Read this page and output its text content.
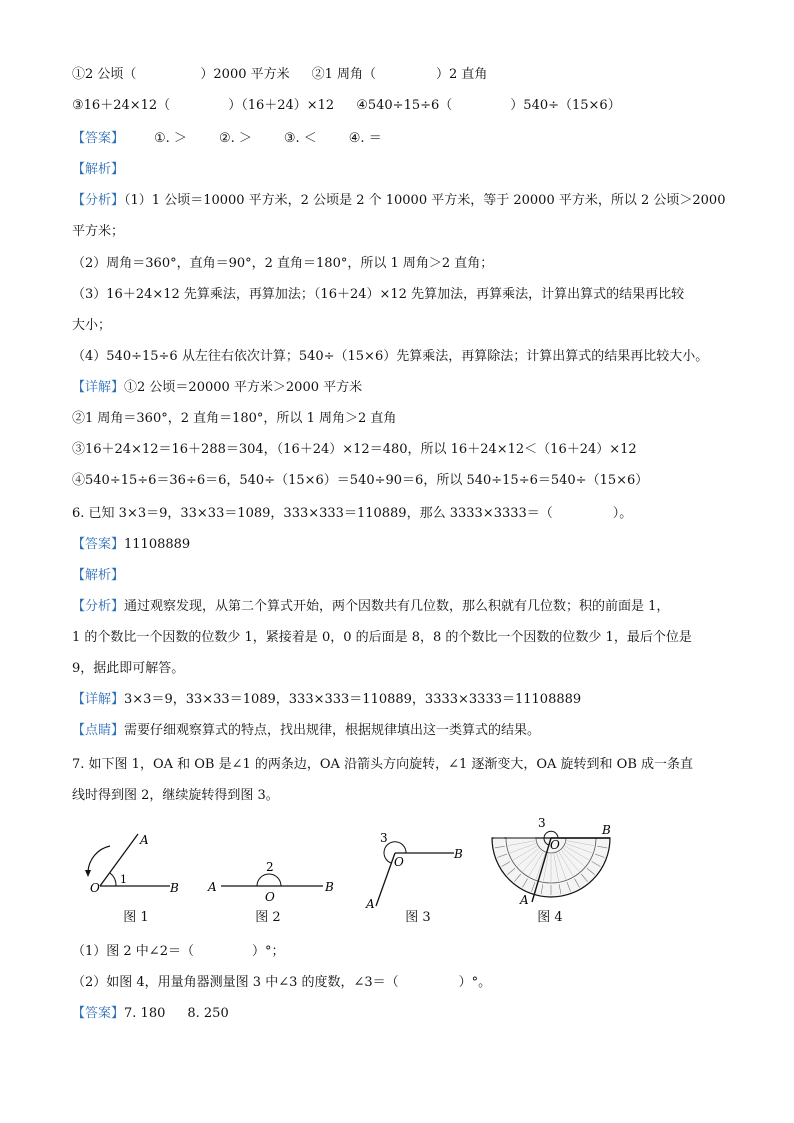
①2 公顷（	）2000 平方米 ②1 周角（	）2 直角
③16＋24×12（	）（16＋24）×12 ④540÷15÷6（	）540÷（15×6）
【答案】 ①. ＞ ②. ＞ ③. ＜ ④. ＝
【解析】
【分析】（1）1 公顷＝10000 平方米，2 公顷是 2 个 10000 平方米，等于 20000 平方米，所以 2 公顷＞2000
平方米；
（2）周角＝360°，直角＝90°，2 直角＝180°，所以 1 周角＞2 直角；
（3）16＋24×12 先算乘法，再算加法；（16＋24）×12 先算加法，再算乘法，计算出算式的结果再比较
大小；
（4）540÷15÷6 从左往右依次计算；540÷（15×6）先算乘法，再算除法；计算出算式的结果再比较大小。
【详解】①2 公顷＝20000 平方米＞2000 平方米
②1 周角＝360°，2 直角＝180°，所以 1 周角＞2 直角
③16＋24×12＝16＋288＝304，（16＋24）×12＝480，所以 16＋24×12＜（16＋24）×12
④540÷15÷6＝36÷6＝6，540÷（15×6）＝540÷90＝6，所以 540÷15÷6＝540÷（15×6）
6. 已知 3×3＝9，33×33＝1089，333×333＝110889，那么 3333×3333＝（	）。
【答案】11108889
【解析】
【分析】通过观察发现，从第二个算式开始，两个因数共有几位数，那么积就有几位数；积的前面是 1，
1 的个数比一个因数的位数少 1，紧接着是 0，0 的后面是 8，8 的个数比一个因数的位数少 1，最后个位是
9，据此即可解答。
【详解】3×3＝9，33×33＝1089，333×333＝110889，3333×3333＝11108889
【点睛】需要仔细观察算式的特点，找出规律，根据规律填出这一类算式的结果。
7. 如下图 1，OA 和 OB 是∠1 的两条边，OA 沿箭头方向旋转，∠1 逐渐变大，OA 旋转到和 OB 成一条直
线时得到图 2，继续旋转得到图 3。
A
O	B
1
图 1
A
O
B
2
图 2
3
O
B
A
图 3
3
O
B
A
图 4
（1）图 2 中∠2＝（	）°；
（2）如图 4，用量角器测量图 3 中∠3 的度数，∠3＝（	）°。
【答案】7. 180 8. 250
